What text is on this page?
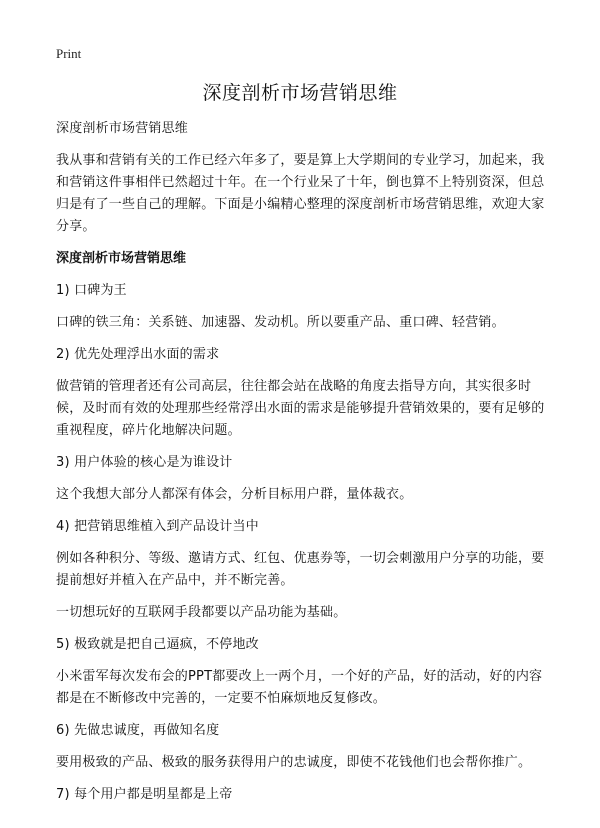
Print
深度剖析市场营销思维

深度剖析市场营销思维

我从事和营销有关的工作已经六年多了，要是算上大学期间的专业学习，加起来，我和营销这件事相伴已然超过十年。在一个行业呆了十年，倒也算不上特别资深，但总归是有了一些自己的理解。下面是小编精心整理的深度剖析市场营销思维，欢迎大家分享。

深度剖析市场营销思维

1) 口碑为王

口碑的铁三角：关系链、加速器、发动机。所以要重产品、重口碑、轻营销。

2) 优先处理浮出水面的需求

做营销的管理者还有公司高层，往往都会站在战略的角度去指导方向，其实很多时候，及时而有效的处理那些经常浮出水面的需求是能够提升营销效果的，要有足够的重视程度，碎片化地解决问题。

3) 用户体验的核心是为谁设计

这个我想大部分人都深有体会，分析目标用户群，量体裁衣。

4) 把营销思维植入到产品设计当中

例如各种积分、等级、邀请方式、红包、优惠券等，一切会刺激用户分享的功能，要提前想好并植入在产品中，并不断完善。

一切想玩好的互联网手段都要以产品功能为基础。

5) 极致就是把自己逼疯，不停地改

小米雷军每次发布会的PPT都要改上一两个月，一个好的产品，好的活动，好的内容都是在不断修改中完善的，一定要不怕麻烦地反复修改。

6) 先做忠诚度，再做知名度

要用极致的产品、极致的服务获得用户的忠诚度，即使不花钱他们也会帮你推广。

7) 每个用户都是明星都是上帝
